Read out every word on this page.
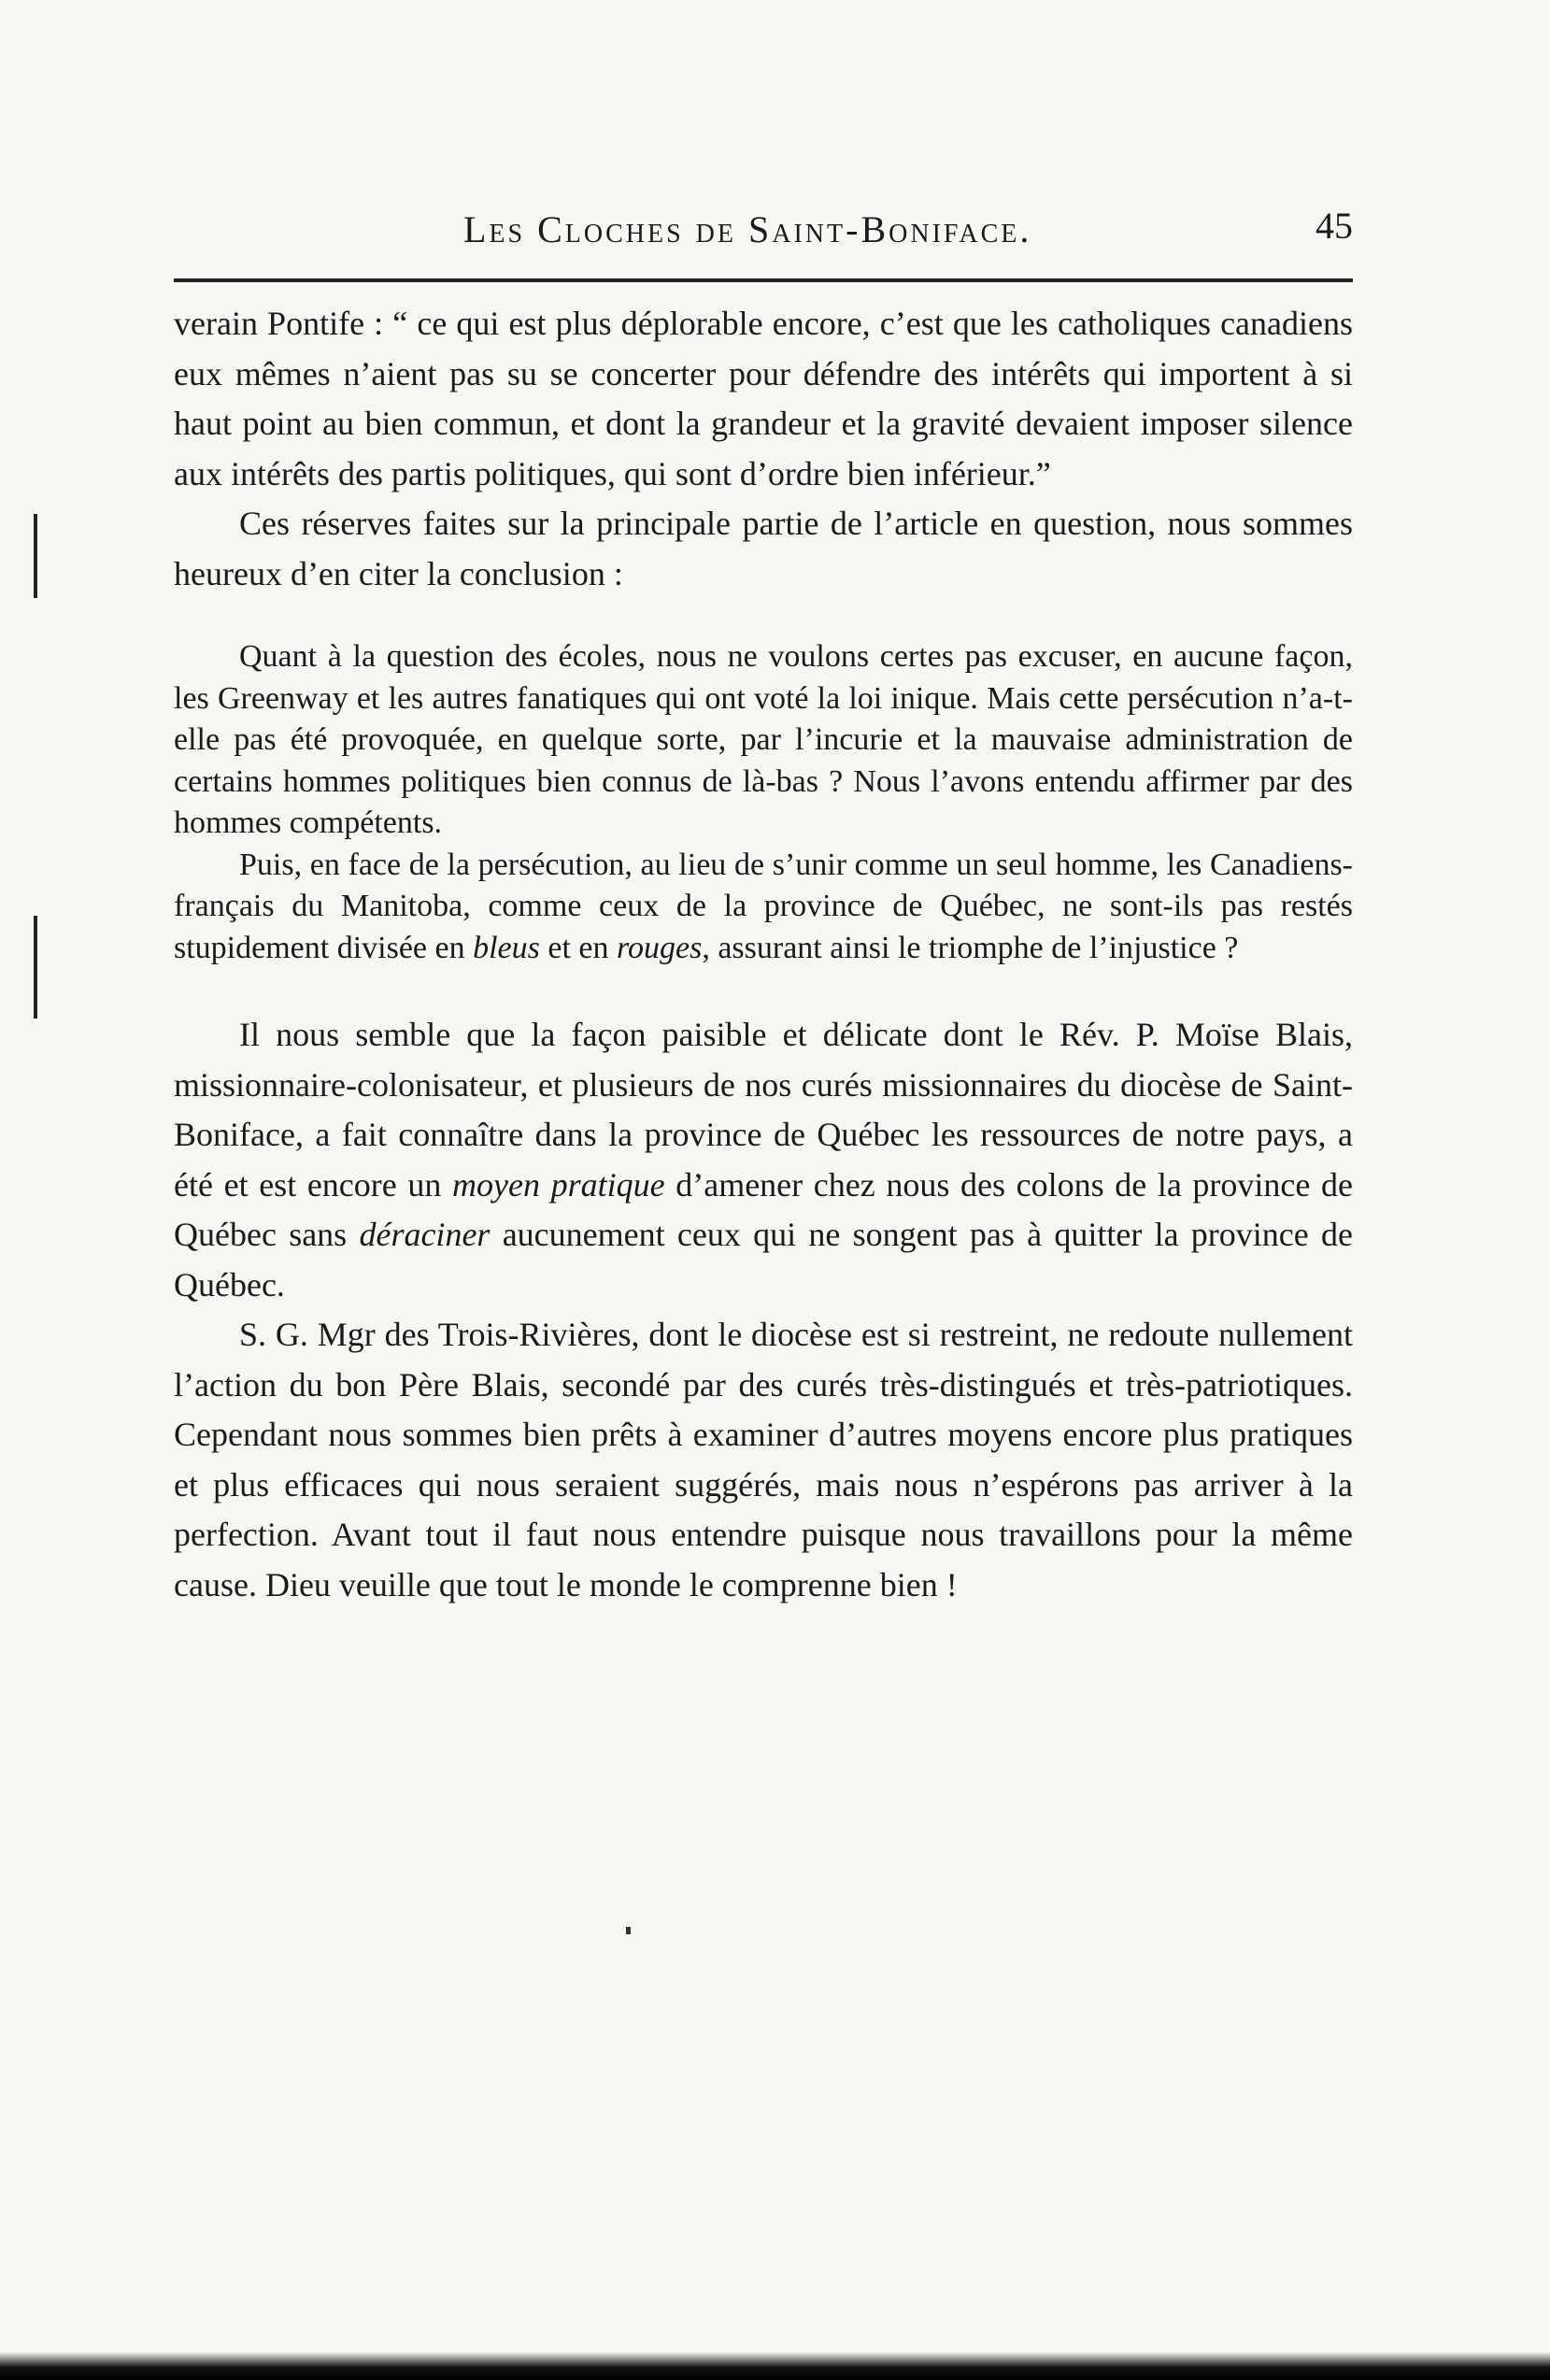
Les Cloches de Saint-Boniface.	45

verain Pontife : “ ce qui est plus déplorable encore, c’est que les catholiques canadiens eux mêmes n’aient pas su se concerter pour défendre des intérêts qui importent à si haut point au bien commun, et dont la grandeur et la gravité devaient imposer silence aux intérêts des partis politiques, qui sont d’ordre bien inférieur.”

Ces réserves faites sur la principale partie de l’article en question, nous sommes heureux d’en citer la conclusion :

Quant à la question des écoles, nous ne voulons certes pas excuser, en aucune façon, les Greenway et les autres fanatiques qui ont voté la loi inique. Mais cette persécution n’a-t-elle pas été provoquée, en quelque sorte, par l’incurie et la mauvaise administration de certains hommes politiques bien connus de là-bas ? Nous l’avons entendu affirmer par des hommes compétents.

Puis, en face de la persécution, au lieu de s’unir comme un seul homme, les Canadiens-français du Manitoba, comme ceux de la province de Québec, ne sont-ils pas restés stupidement divisée en bleus et en rouges, assurant ainsi le triomphe de l’injustice ?

Il nous semble que la façon paisible et délicate dont le Rév. P. Moïse Blais, missionnaire-colonisateur, et plusieurs de nos curés missionnaires du diocèse de Saint-Boniface, a fait connaître dans la province de Québec les ressources de notre pays, a été et est encore un moyen pratique d’amener chez nous des colons de la province de Québec sans déraciner aucunement ceux qui ne songent pas à quitter la province de Québec.

S. G. Mgr des Trois-Rivières, dont le diocèse est si restreint, ne redoute nullement l’action du bon Père Blais, secondé par des curés très-distingués et très-patriotiques. Cependant nous sommes bien prêts à examiner d’autres moyens encore plus pratiques et plus efficaces qui nous seraient suggérés, mais nous n’espérons pas arriver à la perfection. Avant tout il faut nous entendre puisque nous travaillons pour la même cause. Dieu veuille que tout le monde le comprenne bien !
